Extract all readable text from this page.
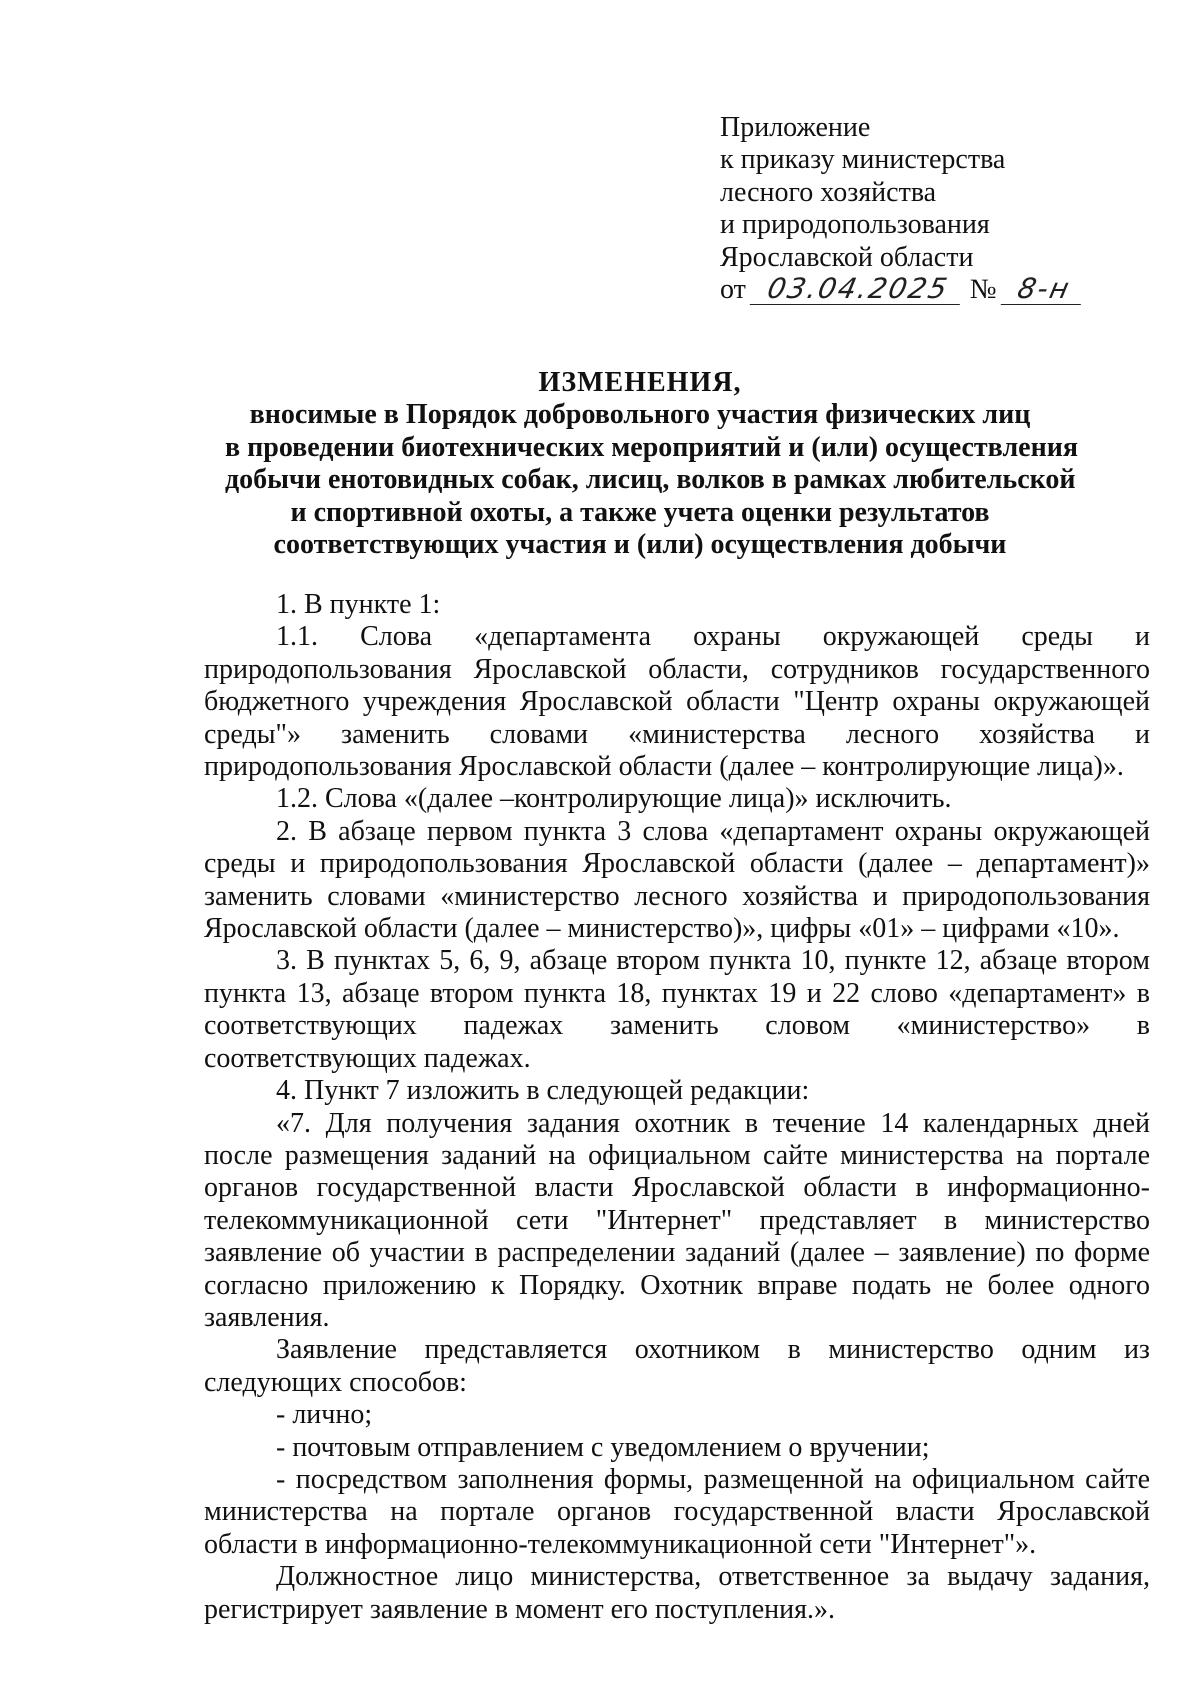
Приложение
к приказу министерства
лесного хозяйства
и природопользования
Ярославской области
от 03.04.2025 № 8-н
ИЗМЕНЕНИЯ,
вносимые в Порядок добровольного участия физических лиц
в проведении биотехнических мероприятий и (или) осуществления
добычи енотовидных собак, лисиц, волков в рамках любительской
и спортивной охоты, а также учета оценки результатов
соответствующих участия и (или) осуществления добычи

1. В пункте 1:

1.1. Слова «департамента охраны окружающей среды и природопользования Ярославской области, сотрудников государственного бюджетного учреждения Ярославской области "Центр охраны окружающей среды"» заменить словами «министерства лесного хозяйства и природопользования Ярославской области (далее – контролирующие лица)».

1.2. Слова «(далее –контролирующие лица)» исключить.

2. В абзаце первом пункта 3 слова «департамент охраны окружающей среды и природопользования Ярославской области (далее – департамент)» заменить словами «министерство лесного хозяйства и природопользования Ярославской области (далее – министерство)», цифры «01» – цифрами «10».

3. В пунктах 5, 6, 9, абзаце втором пункта 10, пункте 12, абзаце втором пункта 13, абзаце втором пункта 18, пунктах 19 и 22 слово «департамент» в соответствующих падежах заменить словом «министерство» в соответствующих падежах.

4. Пункт 7 изложить в следующей редакции:

«7. Для получения задания охотник в течение 14 календарных дней после размещения заданий на официальном сайте министерства на портале органов государственной власти Ярославской области в информационно-телекоммуникационной сети "Интернет" представляет в министерство заявление об участии в распределении заданий (далее – заявление) по форме согласно приложению к Порядку. Охотник вправе подать не более одного заявления.

Заявление представляется охотником в министерство одним из следующих способов:

- лично;

- почтовым отправлением с уведомлением о вручении;

- посредством заполнения формы, размещенной на официальном сайте министерства на портале органов государственной власти Ярославской области в информационно-телекоммуникационной сети "Интернет"».

Должностное лицо министерства, ответственное за выдачу задания, регистрирует заявление в момент его поступления.».
